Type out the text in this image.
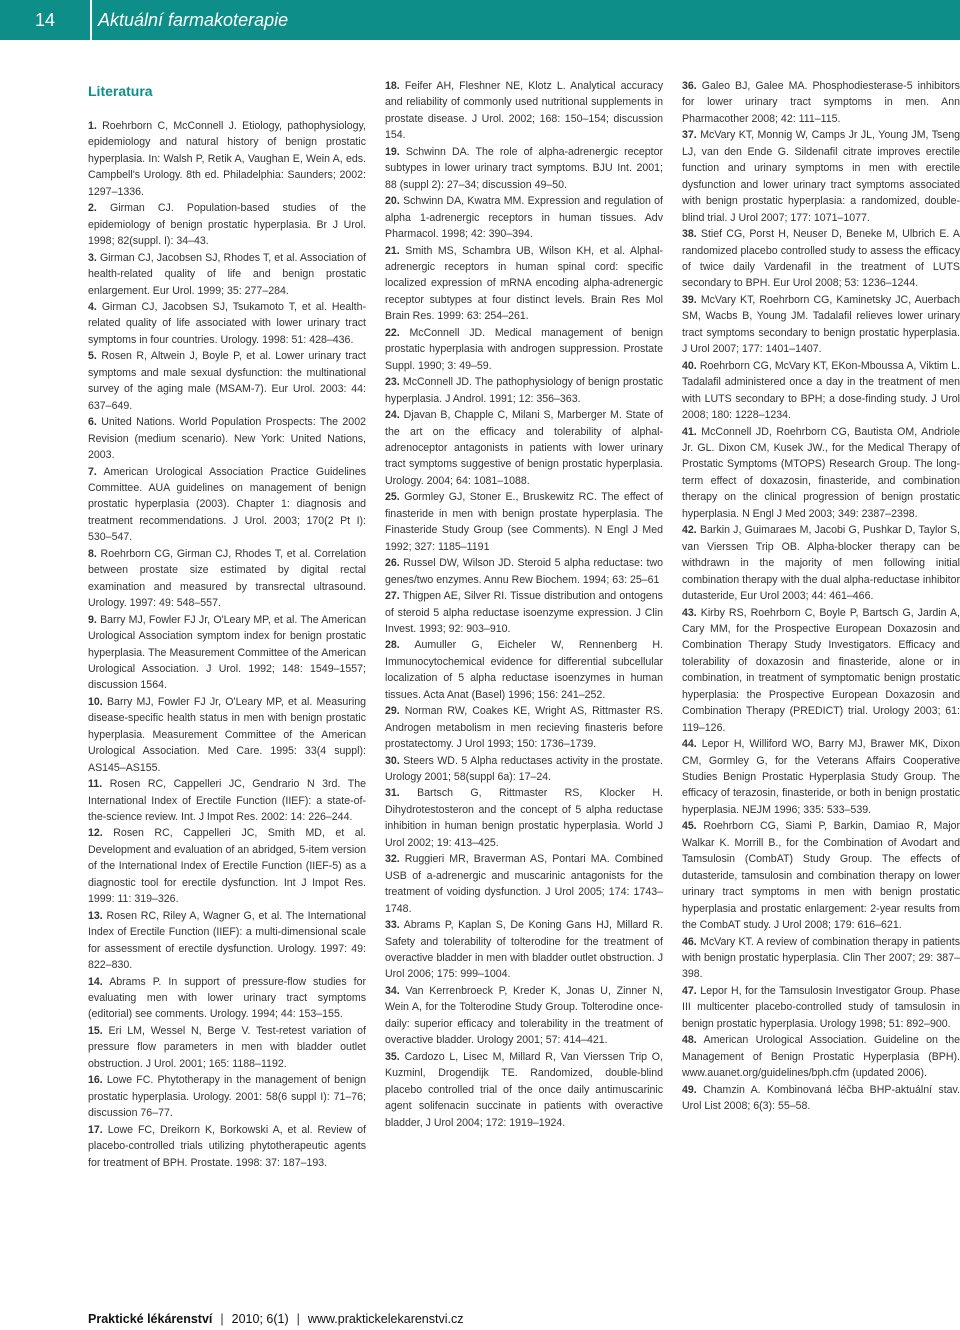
14	Aktuální farmakoterapie
Literatura

1. Roehrborn C, McConnell J. Etiology, pathophysiology, epidemiology and natural history of benign prostatic hyperplasia. In: Walsh P, Retik A, Vaughan E, Wein A, eds. Campbell's Urology. 8th ed. Philadelphia: Saunders; 2002: 1297–1336.

2. Girman CJ. Population-based studies of the epidemiology of benign prostatic hyperplasia. Br J Urol. 1998; 82(suppl. I): 34–43.

3. Girman CJ, Jacobsen SJ, Rhodes T, et al. Association of health-related quality of life and benign prostatic enlargement. Eur Urol. 1999; 35: 277–284.

4. Girman CJ, Jacobsen SJ, Tsukamoto T, et al. Health-related quality of life associated with lower urinary tract symptoms in four countries. Urology. 1998: 51: 428–436.

5. Rosen R, Altwein J, Boyle P, et al. Lower urinary tract symptoms and male sexual dysfunction: the multinational survey of the aging male (MSAM-7). Eur Urol. 2003: 44: 637–649.

6. United Nations. World Population Prospects: The 2002 Revision (medium scenario). New York: United Nations, 2003.

7. American Urological Association Practice Guidelines Committee. AUA guidelines on management of benign prostatic hyperplasia (2003). Chapter 1: diagnosis and treatment recommendations. J Urol. 2003; 170(2 Pt I): 530–547.

8. Roehrborn CG, Girman CJ, Rhodes T, et al. Correlation between prostate size estimated by digital rectal examination and measured by transrectal ultrasound. Urology. 1997: 49: 548–557.

9. Barry MJ, Fowler FJ Jr, O'Leary MP, et al. The American Urological Association symptom index for benign prostatic hyperplasia. The Measurement Committee of the American Urological Association. J Urol. 1992; 148: 1549–1557; discussion 1564.

10. Barry MJ, Fowler FJ Jr, O'Leary MP, et al. Measuring disease-specific health status in men with benign prostatic hyperplasia. Measurement Committee of the American Urological Association. Med Care. 1995: 33(4 suppl): AS145–AS155.

11. Rosen RC, Cappelleri JC, Gendrario N 3rd. The International Index of Erectile Function (IIEF): a state-of-the-science review. Int. J Impot Res. 2002: 14: 226–244.

12. Rosen RC, Cappelleri JC, Smith MD, et al. Development and evaluation of an abridged, 5-item version of the International Index of Erectile Function (IIEF-5) as a diagnostic tool for erectile dysfunction. Int J Impot Res. 1999: 11: 319–326.

13. Rosen RC, Riley A, Wagner G, et al. The International Index of Erectile Function (IIEF): a multi-dimensional scale for assessment of erectile dysfunction. Urology. 1997: 49: 822–830.

14. Abrams P. In support of pressure-flow studies for evaluating men with lower urinary tract symptoms (editorial) see comments. Urology. 1994; 44: 153–155.

15. Eri LM, Wessel N, Berge V. Test-retest variation of pressure flow parameters in men with bladder outlet obstruction. J Urol. 2001; 165: 1188–1192.

16. Lowe FC. Phytotherapy in the management of benign prostatic hyperplasia. Urology. 2001: 58(6 suppl I): 71–76; discussion 76–77.

17. Lowe FC, Dreikorn K, Borkowski A, et al. Review of placebo-controlled trials utilizing phytotherapeutic agents for treatment of BPH. Prostate. 1998: 37: 187–193.

18. Feifer AH, Fleshner NE, Klotz L. Analytical accuracy and reliability of commonly used nutritional supplements in prostate disease. J Urol. 2002; 168: 150–154; discussion 154.

19. Schwinn DA. The role of alpha-adrenergic receptor subtypes in lower urinary tract symptoms. BJU Int. 2001; 88 (suppl 2): 27–34; discussion 49–50.

20. Schwinn DA, Kwatra MM. Expression and regulation of alpha 1-adrenergic receptors in human tissues. Adv Pharmacol. 1998; 42: 390–394.

21. Smith MS, Schambra UB, Wilson KH, et al. Alphal-adrenergic receptors in human spinal cord: specific localized expression of mRNA encoding alpha-adrenergic receptor subtypes at four distinct levels. Brain Res Mol Brain Res. 1999: 63: 254–261.

22. McConnell JD. Medical management of benign prostatic hyperplasia with androgen suppression. Prostate Suppl. 1990; 3: 49–59.

23. McConnell JD. The pathophysiology of benign prostatic hyperplasia. J Androl. 1991; 12: 356–363.

24. Djavan B, Chapple C, Milani S, Marberger M. State of the art on the efficacy and tolerability of alphal-adrenoceptor antagonists in patients with lower urinary tract symptoms suggestive of benign prostatic hyperplasia. Urology. 2004; 64: 1081–1088.

25. Gormley GJ, Stoner E., Bruskewitz RC. The effect of finasteride in men with benign prostate hyperplasia. The Finasteride Study Group (see Comments). N Engl J Med 1992; 327: 1185–1191

26. Russel DW, Wilson JD. Steroid 5 alpha reductase: two genes/two enzymes. Annu Rew Biochem. 1994; 63: 25–61

27. Thigpen AE, Silver RI. Tissue distribution and ontogens of steroid 5 alpha reductase isoenzyme expression. J Clin Invest. 1993; 92: 903–910.

28. Aumuller G, Eicheler W, Rennenberg H. Immunocytochemical evidence for differential subcellular localization of 5 alpha reductase isoenzymes in human tissues. Acta Anat (Basel) 1996; 156: 241–252.

29. Norman RW, Coakes KE, Wright AS, Rittmaster RS. Androgen metabolism in men recieving finasteris before prostatectomy. J Urol 1993; 150: 1736–1739.

30. Steers WD. 5 Alpha reductases activity in the prostate. Urology 2001; 58(suppl 6a): 17–24.

31. Bartsch G, Rittmaster RS, Klocker H. Dihydrotestosteron and the concept of 5 alpha reductase inhibition in human benign prostatic hyperplasia. World J Urol 2002; 19: 413–425.

32. Ruggieri MR, Braverman AS, Pontari MA. Combined USB of a-adrenergic and muscarinic antagonists for the treatment of voiding dysfunction. J Urol 2005; 174: 1743–1748.

33. Abrams P, Kaplan S, De Koning Gans HJ, Millard R. Safety and tolerability of tolterodine for the treatment of overactive bladder in men with bladder outlet obstruction. J Urol 2006; 175: 999–1004.

34. Van Kerrenbroeck P, Kreder K, Jonas U, Zinner N, Wein A, for the Tolterodine Study Group. Tolterodine once-daily: superior efficacy and tolerability in the treatment of overactive bladder. Urology 2001; 57: 414–421.

35. Cardozo L, Lisec M, Millard R, Van Vierssen Trip O, Kuzminl, Drogendijk TE. Randomized, double-blind placebo controlled trial of the once daily antimuscarinic agent solifenacin succinate in patients with overactive bladder, J Urol 2004; 172: 1919–1924.

36. Galeo BJ, Galee MA. Phosphodiesterase-5 inhibitors for lower urinary tract symptoms in men. Ann Pharmacother 2008; 42: 111–115.

37. McVary KT, Monnig W, Camps Jr JL, Young JM, Tseng LJ, van den Ende G. Sildenafil citrate improves erectile function and urinary symptoms in men with erectile dysfunction and lower urinary tract symptoms associated with benign prostatic hyperplasia: a randomized, double-blind trial. J Urol 2007; 177: 1071–1077.

38. Stief CG, Porst H, Neuser D, Beneke M, Ulbrich E. A randomized placebo controlled study to assess the efficacy of twice daily Vardenafil in the treatment of LUTS secondary to BPH. Eur Urol 2008; 53: 1236–1244.

39. McVary KT, Roehrborn CG, Kaminetsky JC, Auerbach SM, Wacbs B, Young JM. Tadalafil relieves lower urinary tract symptoms secondary to benign prostatic hyperplasia. J Urol 2007; 177: 1401–1407.

40. Roehrborn CG, McVary KT, EKon-Mboussa A, Viktim L. Tadalafil administered once a day in the treatment of men with LUTS secondary to BPH; a dose-finding study. J Urol 2008; 180: 1228–1234.

41. McConnell JD, Roehrborn CG, Bautista OM, Andriole Jr. GL. Dixon CM, Kusek JW., for the Medical Therapy of Prostatic Symptoms (MTOPS) Research Group. The long-term effect of doxazosin, finasteride, and combination therapy on the clinical progression of benign prostatic hyperplasia. N Engl J Med 2003; 349: 2387–2398.

42. Barkin J, Guimaraes M, Jacobi G, Pushkar D, Taylor S, van Vierssen Trip OB. Alpha-blocker therapy can be withdrawn in the majority of men following initial combination therapy with the dual alpha-reductase inhibitor dutasteride, Eur Urol 2003; 44: 461–466.

43. Kirby RS, Roehrborn C, Boyle P, Bartsch G, Jardin A, Cary MM, for the Prospective European Doxazosin and Combination Therapy Study Investigators. Efficacy and tolerability of doxazosin and finasteride, alone or in combination, in treatment of symptomatic benign prostatic hyperplasia: the Prospective European Doxazosin and Combination Therapy (PREDICT) trial. Urology 2003; 61: 119–126.

44. Lepor H, Williford WO, Barry MJ, Brawer MK, Dixon CM, Gormley G, for the Veterans Affairs Cooperative Studies Benign Prostatic Hyperplasia Study Group. The efficacy of terazosin, finasteride, or both in benign prostatic hyperplasia. NEJM 1996; 335: 533–539.

45. Roehrborn CG, Siami P, Barkin, Damiao R, Major Walkar K. Morrill B., for the Combination of Avodart and Tamsulosin (CombAT) Study Group. The effects of dutasteride, tamsulosin and combination therapy on lower urinary tract symptoms in men with benign prostatic hyperplasia and prostatic enlargement: 2-year results from the CombAT study. J Urol 2008; 179: 616–621.

46. McVary KT. A review of combination therapy in patients with benign prostatic hyperplasia. Clin Ther 2007; 29: 387–398.

47. Lepor H, for the Tamsulosin Investigator Group. Phase III multicenter placebo-controlled study of tamsulosin in benign prostatic hyperplasia. Urology 1998; 51: 892–900.

48. American Urological Association. Guideline on the Management of Benign Prostatic Hyperplasia (BPH). www.auanet.org/guidelines/bph.cfm (updated 2006).

49. Chamzin A. Kombinovaná léčba BHP-aktuální stav. Urol List 2008; 6(3): 55–58.

Praktické lékárenství | 2010; 6(1) | www.praktickelekarenstvi.cz
